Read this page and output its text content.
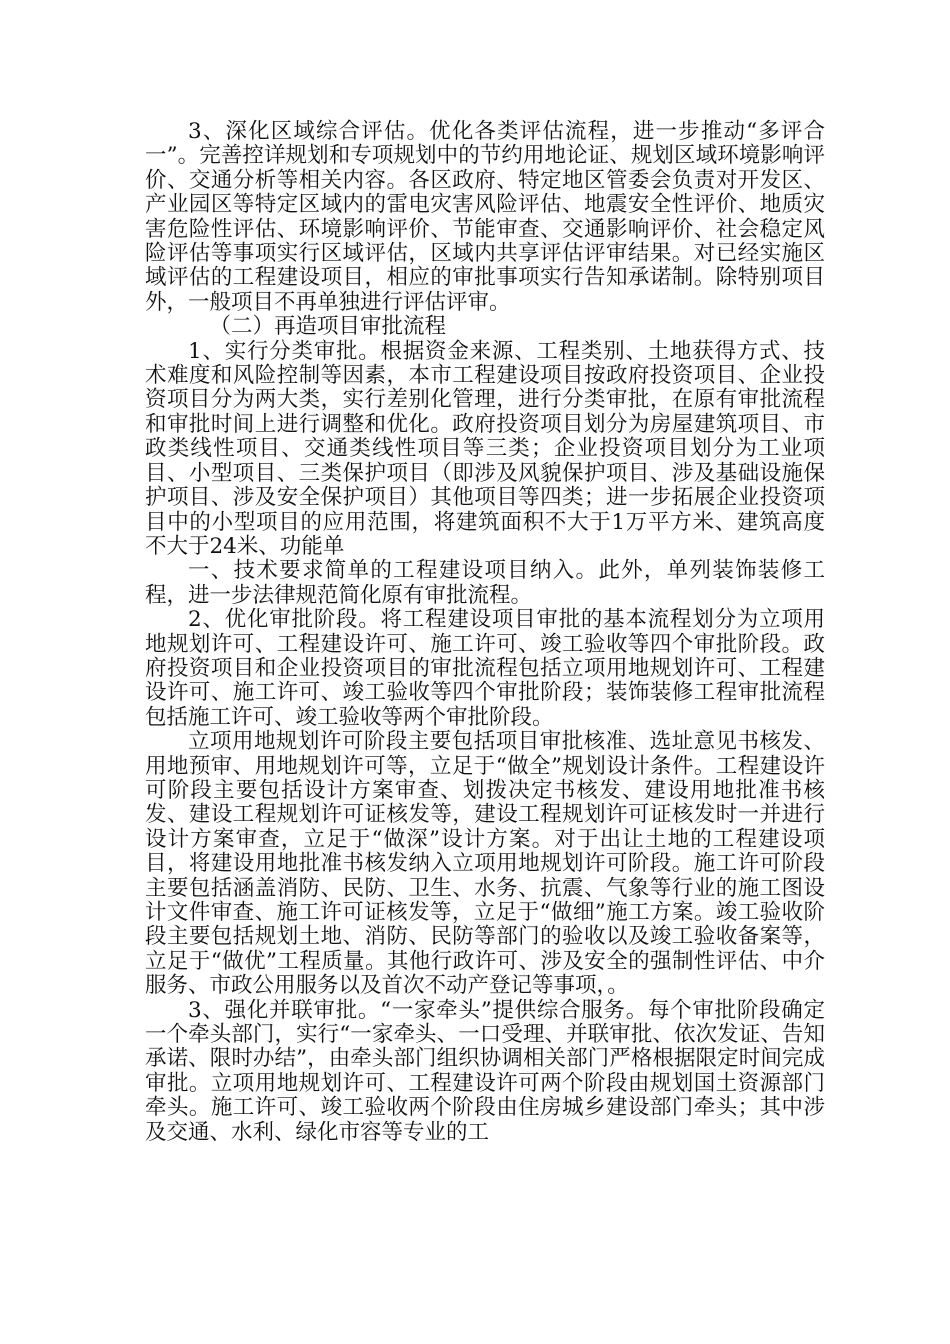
3、深化区域综合评估。优化各类评估流程，进一步推动“多评合一”。完善控详规划和专项规划中的节约用地论证、规划区域环境影响评价、交通分析等相关内容。各区政府、特定地区管委会负责对开发区、产业园区等特定区域内的雷电灾害风险评估、地震安全性评价、地质灾害危险性评估、环境影响评价、节能审查、交通影响评价、社会稳定风险评估等事项实行区域评估，区域内共享评估评审结果。对已经实施区域评估的工程建设项目，相应的审批事项实行告知承诺制。除特别项目外，一般项目不再单独进行评估评审。

（二）再造项目审批流程

1、实行分类审批。根据资金来源、工程类别、土地获得方式、技术难度和风险控制等因素，本市工程建设项目按政府投资项目、企业投资项目分为两大类，实行差别化管理，进行分类审批，在原有审批流程和审批时间上进行调整和优化。政府投资项目划分为房屋建筑项目、市政类线性项目、交通类线性项目等三类；企业投资项目划分为工业项目、小型项目、三类保护项目（即涉及风貌保护项目、涉及基础设施保护项目、涉及安全保护项目）其他项目等四类；进一步拓展企业投资项目中的小型项目的应用范围，将建筑面积不大于1万平方米、建筑高度不大于24米、功能单

一、技术要求简单的工程建设项目纳入。此外，单列装饰装修工程，进一步法律规范简化原有审批流程。

2、优化审批阶段。将工程建设项目审批的基本流程划分为立项用地规划许可、工程建设许可、施工许可、竣工验收等四个审批阶段。政府投资项目和企业投资项目的审批流程包括立项用地规划许可、工程建设许可、施工许可、竣工验收等四个审批阶段；装饰装修工程审批流程包括施工许可、竣工验收等两个审批阶段。

立项用地规划许可阶段主要包括项目审批核准、选址意见书核发、用地预审、用地规划许可等，立足于“做全”规划设计条件。工程建设许可阶段主要包括设计方案审查、划拨决定书核发、建设用地批准书核发、建设工程规划许可证核发等，建设工程规划许可证核发时一并进行设计方案审查，立足于“做深”设计方案。对于出让土地的工程建设项目，将建设用地批准书核发纳入立项用地规划许可阶段。施工许可阶段主要包括涵盖消防、民防、卫生、水务、抗震、气象等行业的施工图设计文件审查、施工许可证核发等，立足于“做细”施工方案。竣工验收阶段主要包括规划土地、消防、民防等部门的验收以及竣工验收备案等，立足于“做优”工程质量。其他行政许可、涉及安全的强制性评估、中介服务、市政公用服务以及首次不动产登记等事项，。

3、强化并联审批。“一家牵头”提供综合服务。每个审批阶段确定一个牵头部门，实行“一家牵头、一口受理、并联审批、依次发证、告知承诺、限时办结”，由牵头部门组织协调相关部门严格根据限定时间完成审批。立项用地规划许可、工程建设许可两个阶段由规划国土资源部门牵头。施工许可、竣工验收两个阶段由住房城乡建设部门牵头；其中涉及交通、水利、绿化市容等专业的工
